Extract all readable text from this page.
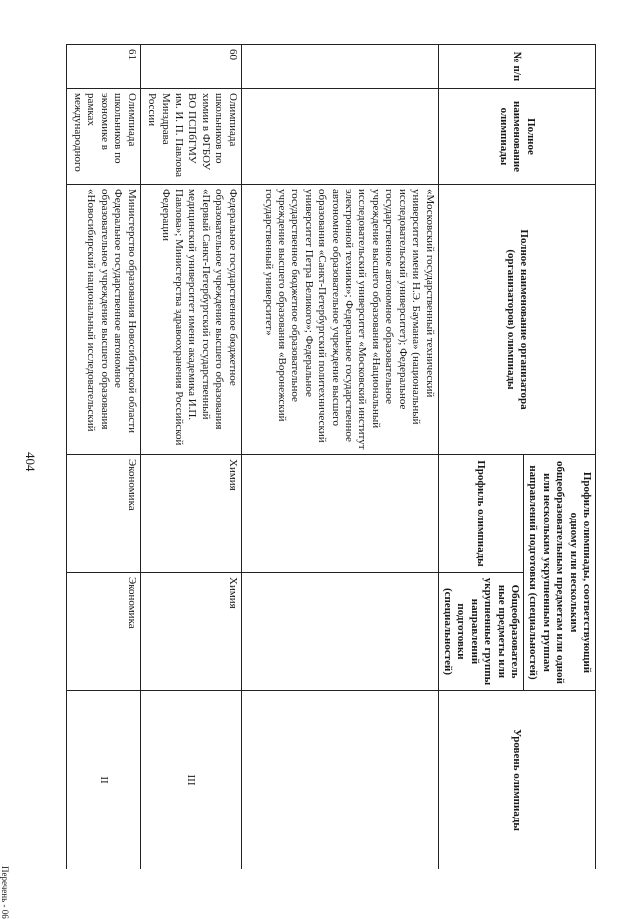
404
№ п/п	Полное наименование олимпиады	Полное наименование организатора (организаторов) олимпиады	Профиль олимпиады, соответствующий одному или нескольким общеобразовательным предметам или одной или нескольким укрупненным группам направлений подготовки (специальностей)		Уровень олимпиады
			Профиль олимпиады	Общеобразователь ные предметы или укрупненные группы направлений подготовки (специальностей)	
		«Московский государственный технический университет имени Н.Э. Баумана» (национальный исследовательский университет); Федеральное государственное автономное образовательное учреждение высшего образования «Национальный исследовательский университет «Московский институт электронной техники»; Федеральное государственное автономное образовательное учреждение высшего образования «Санкт-Петербургский политехнический университет Петра Великого»; Федеральное государственное бюджетное образовательное учреждение высшего образования «Воронежский государственный университет»			
60	Олимпиада школьников по химии в ФГБОУ ВО ПСПбГМУ им. И. П. Павлова Минздрава России	Федеральное государственное бюджетное образовательное учреждение высшего образования «Первый Санкт-Петербургский государственный медицинский университет имени академика И.П. Павлова»; Министерства здравоохранения Российской Федерации	Химия	Химия	III
61	Олимпиада школьников по экономике в рамках международного	Министерство образования Новосибирской области Федеральное государственное автономное образовательное учреждение высшего образования «Новосибирский национальный исследовательский	Экономика	Экономика	II
Перечень - 06
